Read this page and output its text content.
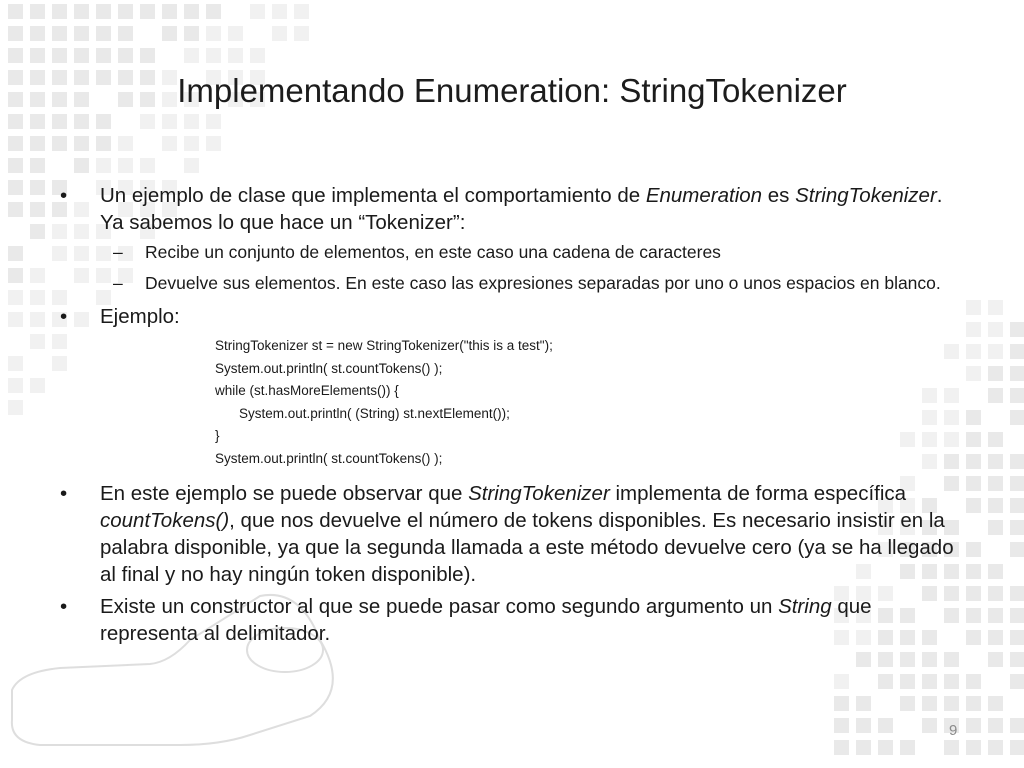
Implementando Enumeration: StringTokenizer
• Un ejemplo de clase que implementa el comportamiento de Enumeration es StringTokenizer. Ya sabemos lo que hace un “Tokenizer”:
– Recibe un conjunto de elementos, en este caso una cadena de caracteres
– Devuelve sus elementos. En este caso las expresiones separadas por uno o unos espacios en blanco.
• Ejemplo:
StringTokenizer st = new StringTokenizer("this is a test");
System.out.println( st.countTokens() );
while (st.hasMoreElements()) {
System.out.println( (String) st.nextElement());
}
System.out.println( st.countTokens() );
• En este ejemplo se puede observar que StringTokenizer implementa de forma específica countTokens(), que nos devuelve el número de tokens disponibles. Es necesario insistir en la palabra disponible, ya que la segunda llamada a este método devuelve cero (ya se ha llegado al final y no hay ningún token disponible).
• Existe un constructor al que se puede pasar como segundo argumento un String que representa al delimitador.
9
